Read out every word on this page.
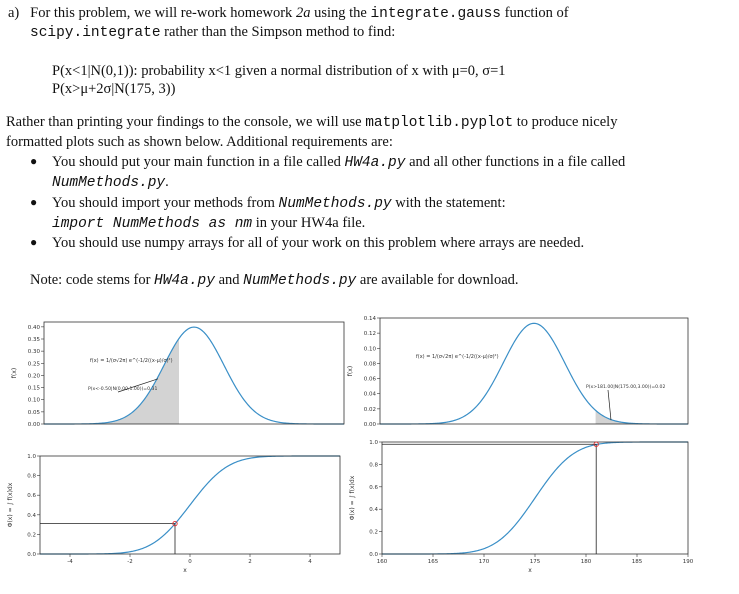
a) For this problem, we will re-work homework 2a using the integrate.gauss function of
scipy.integrate rather than the Simpson method to find:
P(x<1|N(0,1)): probability x<1 given a normal distribution of x with μ=0, σ=1
P(x>μ+2σ|N(175, 3))
Rather than printing your findings to the console, we will use matplotlib.pyplot to produce nicely
formatted plots such as shown below. Additional requirements are:
● You should put your main function in a file called HW4a.py and all other functions in a file called
NumMethods.py.
● You should import your methods from NumMethods.py with the statement:
import NumMethods as nm in your HW4a file.
● You should use numpy arrays for all of your work on this problem where arrays are needed.
Note: code stems for HW4a.py and NumMethods.py are available for download.
0.00
0.05
0.10
0.15
0.20
0.25
0.30
0.35
0.40
f(x)
f(x) = 1/(σ√2π) e^(-1/2((x-μ)/σ)²)
P(x<-0.50|N(0.00,1.00))=0.31
0.00
0.02
0.04
0.06
0.08
0.10
0.12
0.14
f(x)
f(x) = 1/(σ√2π) e^(-1/2((x-μ)/σ)²)
P(x>181.00|N(175.00,3.00))=0.02
0.0
0.2
0.4
0.6
0.8
1.0
-4	-2	0	2	4
x
Φ(x) = ∫ f(x)dx
0.0
0.2
0.4
0.6
0.8
1.0
160	165	170	175	180	185	190
x
Φ(x) = ∫ f(x)dx
